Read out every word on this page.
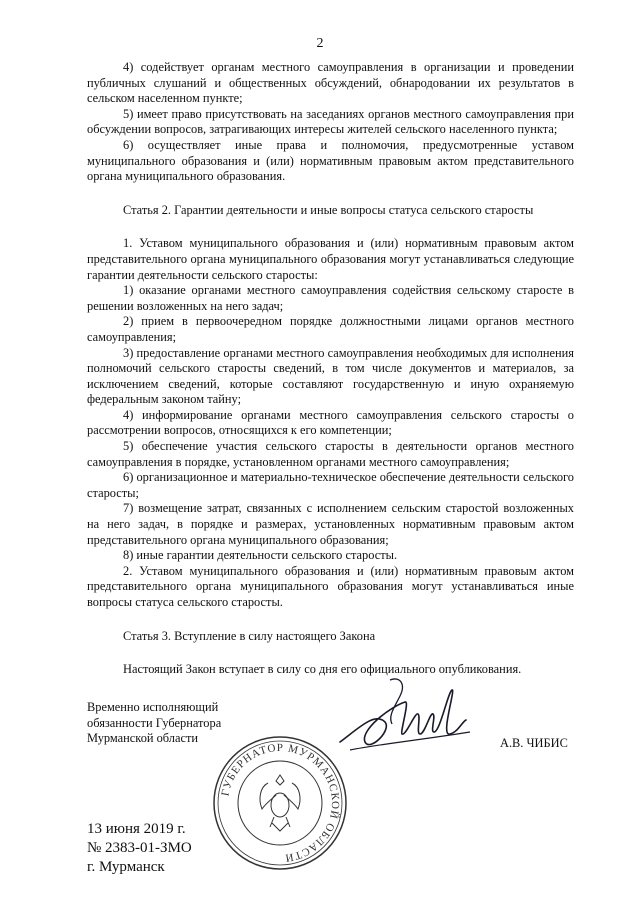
2

4) содействует органам местного самоуправления в организации и проведении публичных слушаний и общественных обсуждений, обнародовании их результатов в сельском населенном пункте;

5) имеет право присутствовать на заседаниях органов местного самоуправления при обсуждении вопросов, затрагивающих интересы жителей сельского населенного пункта;

6) осуществляет иные права и полномочия, предусмотренные уставом муниципального образования и (или) нормативным правовым актом представительного органа муниципального образования.

Статья 2. Гарантии деятельности и иные вопросы статуса сельского старосты

1. Уставом муниципального образования и (или) нормативным правовым актом представительного органа муниципального образования могут устанавливаться следующие гарантии деятельности сельского старосты:

1) оказание органами местного самоуправления содействия сельскому старосте в решении возложенных на него задач;

2) прием в первоочередном порядке должностными лицами органов местного самоуправления;

3) предоставление органами местного самоуправления необходимых для исполнения полномочий сельского старосты сведений, в том числе документов и материалов, за исключением сведений, которые составляют государственную и иную охраняемую федеральным законом тайну;

4) информирование органами местного самоуправления сельского старосты о рассмотрении вопросов, относящихся к его компетенции;

5) обеспечение участия сельского старосты в деятельности органов местного самоуправления в порядке, установленном органами местного самоуправления;

6) организационное и материально-техническое обеспечение деятельности сельского старосты;

7) возмещение затрат, связанных с исполнением сельским старостой возложенных на него задач, в порядке и размерах, установленных нормативным правовым актом представительного органа муниципального образования;

8) иные гарантии деятельности сельского старосты.

2. Уставом муниципального образования и (или) нормативным правовым актом представительного органа муниципального образования могут устанавливаться иные вопросы статуса сельского старосты.

Статья 3. Вступление в силу настоящего Закона

Настоящий Закон вступает в силу со дня его официального опубликования.

Временно исполняющий
обязанности Губернатора
Мурманской области	А.В. ЧИБИС
ГУБЕРНАТОР МУРМАНСКОЙ ОБЛАСТИ
13 июня 2019 г.
№ 2383-01-ЗМО
г. Мурманск
